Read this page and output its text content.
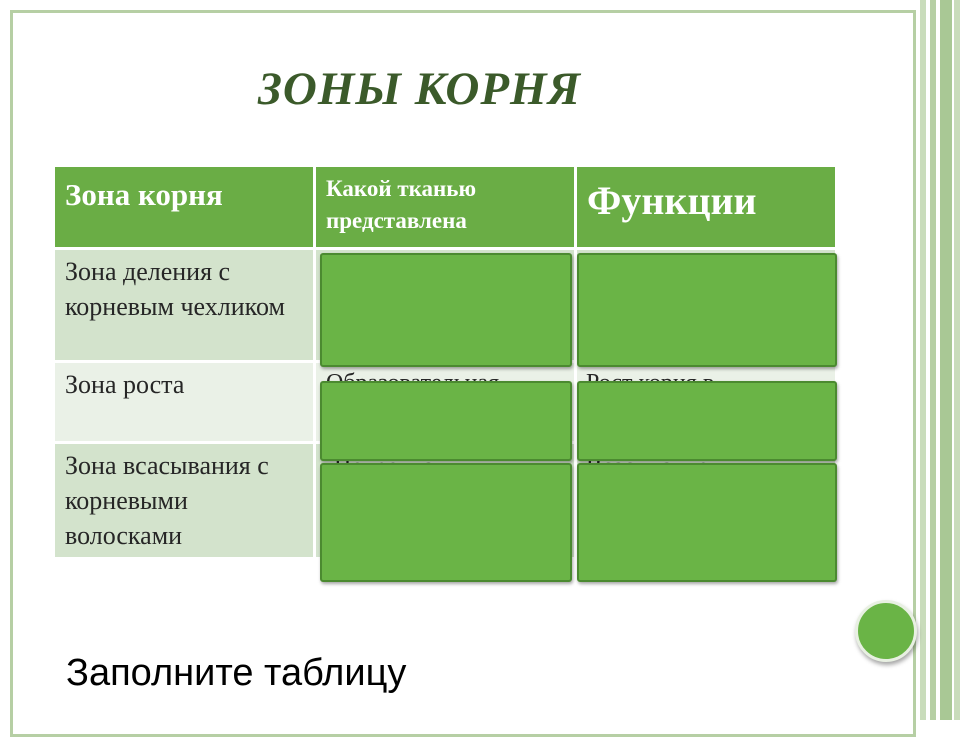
ЗОНЫ КОРНЯ
Зона корня	Какой тканью представлена	Функции
Зона деления с корневым чехликом		
Зона роста		
Зона всасывания с корневыми волосками		
Заполните таблицу
